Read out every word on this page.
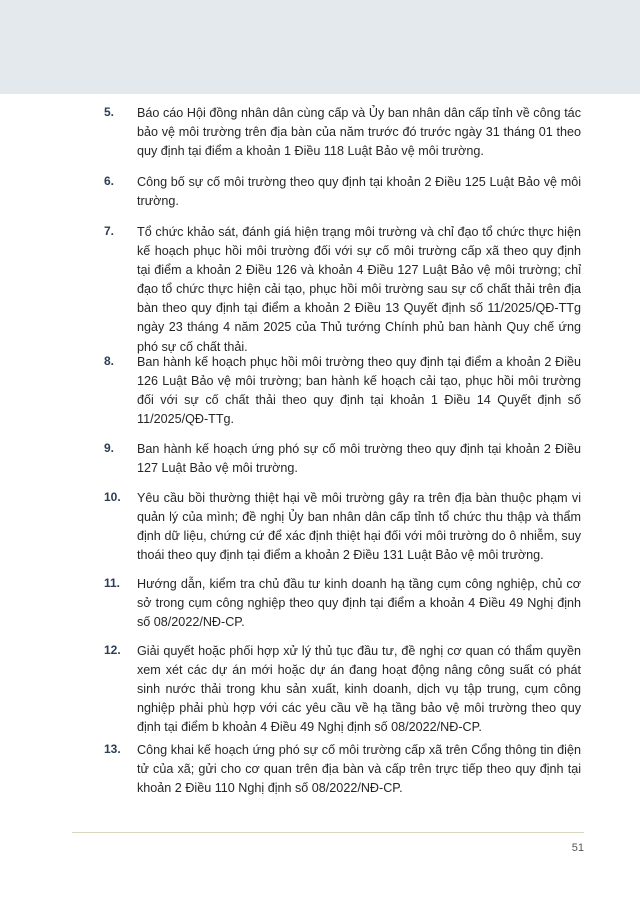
5. Báo cáo Hội đồng nhân dân cùng cấp và Ủy ban nhân dân cấp tỉnh về công tác bảo vệ môi trường trên địa bàn của năm trước đó trước ngày 31 tháng 01 theo quy định tại điểm a khoản 1 Điều 118 Luật Bảo vệ môi trường.
6. Công bố sự cố môi trường theo quy định tại khoản 2 Điều 125 Luật Bảo vệ môi trường.
7. Tổ chức khảo sát, đánh giá hiện trạng môi trường và chỉ đạo tổ chức thực hiện kế hoạch phục hồi môi trường đối với sự cố môi trường cấp xã theo quy định tại điểm a khoản 2 Điều 126 và khoản 4 Điều 127 Luật Bảo vệ môi trường; chỉ đạo tổ chức thực hiện cải tạo, phục hồi môi trường sau sự cố chất thải trên địa bàn theo quy định tại điểm a khoản 2 Điều 13 Quyết định số 11/2025/QĐ-TTg ngày 23 tháng 4 năm 2025 của Thủ tướng Chính phủ ban hành Quy chế ứng phó sự cố chất thải.
8. Ban hành kế hoạch phục hồi môi trường theo quy định tại điểm a khoản 2 Điều 126 Luật Bảo vệ môi trường; ban hành kế hoạch cải tạo, phục hồi môi trường đối với sự cố chất thải theo quy định tại khoản 1 Điều 14 Quyết định số 11/2025/QĐ-TTg.
9. Ban hành kế hoạch ứng phó sự cố môi trường theo quy định tại khoản 2 Điều 127 Luật Bảo vệ môi trường.
10. Yêu cầu bồi thường thiệt hại về môi trường gây ra trên địa bàn thuộc phạm vi quản lý của mình; đề nghị Ủy ban nhân dân cấp tỉnh tổ chức thu thập và thẩm định dữ liệu, chứng cứ để xác định thiệt hại đối với môi trường do ô nhiễm, suy thoái theo quy định tại điểm a khoản 2 Điều 131 Luật Bảo vệ môi trường.
11. Hướng dẫn, kiểm tra chủ đầu tư kinh doanh hạ tầng cụm công nghiệp, chủ cơ sở trong cụm công nghiệp theo quy định tại điểm a khoản 4 Điều 49 Nghị định số 08/2022/NĐ-CP.
12. Giải quyết hoặc phối hợp xử lý thủ tục đầu tư, đề nghị cơ quan có thẩm quyền xem xét các dự án mới hoặc dự án đang hoạt động nâng công suất có phát sinh nước thải trong khu sản xuất, kinh doanh, dịch vụ tập trung, cụm công nghiệp phải phù hợp với các yêu cầu về hạ tầng bảo vệ môi trường theo quy định tại điểm b khoản 4 Điều 49 Nghị định số 08/2022/NĐ-CP.
13. Công khai kế hoạch ứng phó sự cố môi trường cấp xã trên Cổng thông tin điện tử của xã; gửi cho cơ quan trên địa bàn và cấp trên trực tiếp theo quy định tại khoản 2 Điều 110 Nghị định số 08/2022/NĐ-CP.
51
